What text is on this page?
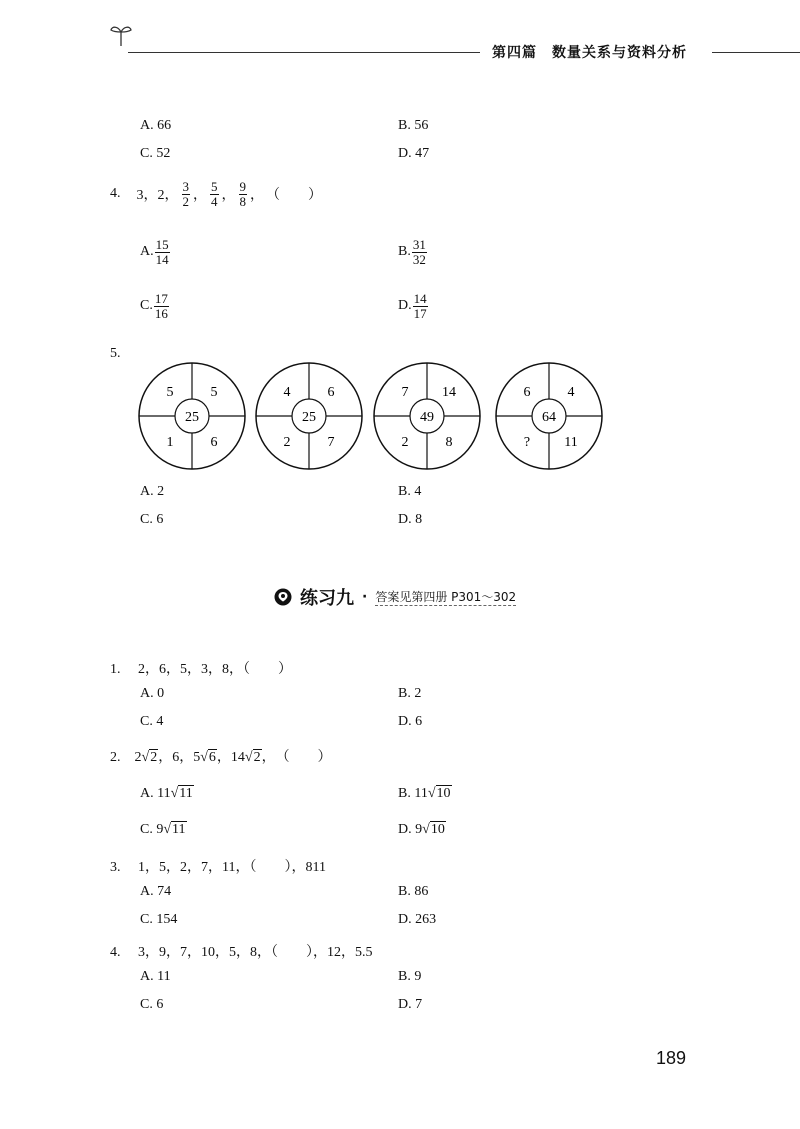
第四篇　数量关系与资料分析
A. 66	B. 56
C. 52	D. 47
4. 3，2， $\frac{3}{2}$ ， $\frac{5}{4}$ ， $\frac{9}{8}$ ， （　　）
A. $\frac{15}{14}$	B. $\frac{31}{32}$
C. $\frac{17}{16}$	D. $\frac{14}{17}$
5.
25
5	5
1	6
25
4	6
2	7
49
7 14
2	8
64
6	4
? 11
A. 2	B. 4
C. 6	D. 8
练习九 · 答案见第四册 P301～302
1. 2，6，5，3，8，（　　）
A. 0	B. 2
C. 4	D. 6
2. 2 √2 ， 6 ， 5 √6 ， 14 √2 ， （　　）
A. 11√11	B. 11√10
C. 9√11	D. 9√10
3. 1，5，2，7，11，（　　），811
A. 74	B. 86
C. 154	D. 263
4. 3，9，7，10，5，8，（　　），12，5.5
A. 11	B. 9
C. 6	D. 7
189
